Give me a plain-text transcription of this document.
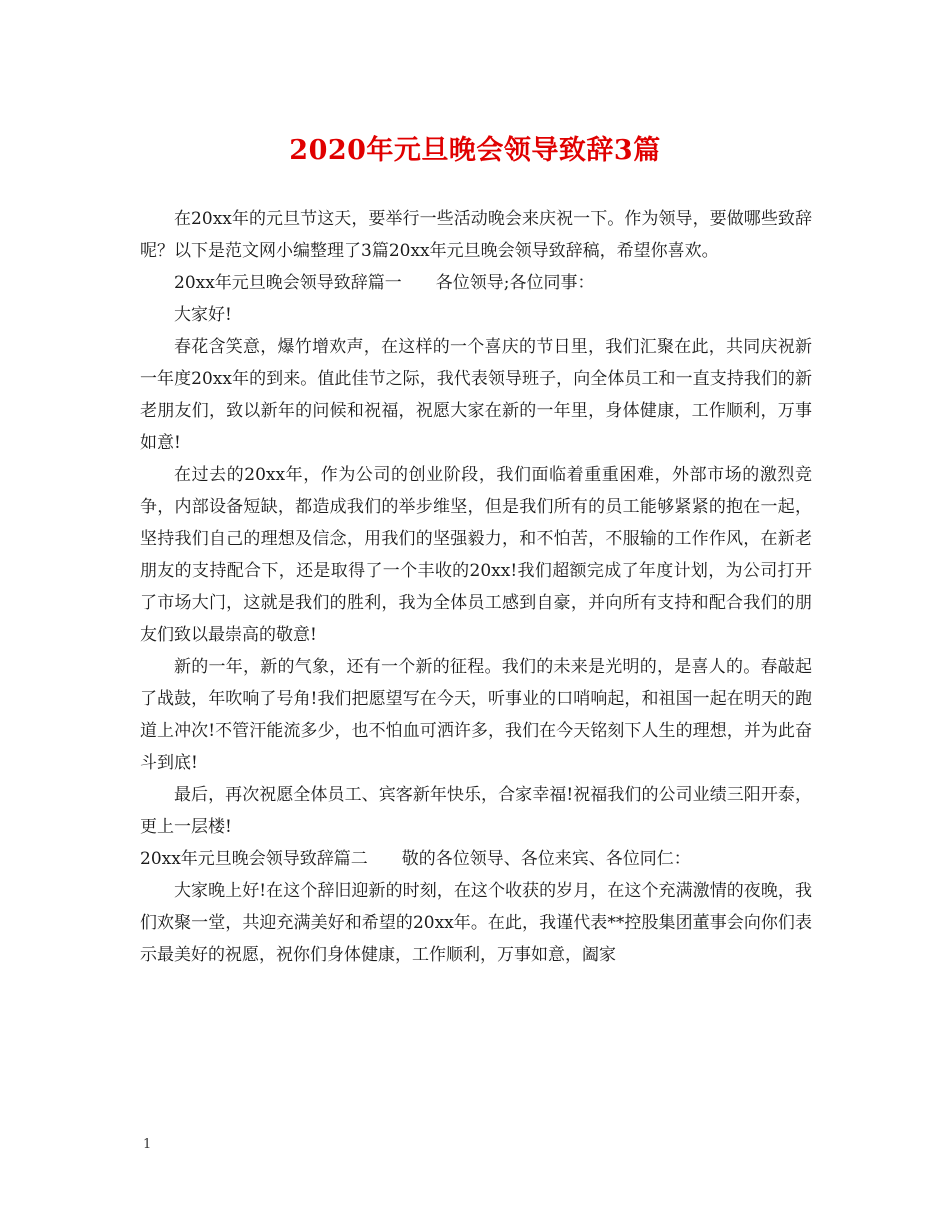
2020年元旦晚会领导致辞3篇

在20xx年的元旦节这天，要举行一些活动晚会来庆祝一下。作为领导，要做哪些致辞呢？以下是范文网小编整理了3篇20xx年元旦晚会领导致辞稿，希望你喜欢。

20xx年元旦晚会领导致辞篇一　　各位领导;各位同事：

大家好!

春花含笑意，爆竹增欢声，在这样的一个喜庆的节日里，我们汇聚在此，共同庆祝新一年度20xx年的到来。值此佳节之际，我代表领导班子，向全体员工和一直支持我们的新老朋友们，致以新年的问候和祝福，祝愿大家在新的一年里，身体健康，工作顺利，万事如意!

在过去的20xx年，作为公司的创业阶段，我们面临着重重困难，外部市场的激烈竞争，内部设备短缺，都造成我们的举步维坚，但是我们所有的员工能够紧紧的抱在一起，坚持我们自己的理想及信念，用我们的坚强毅力，和不怕苦，不服输的工作作风，在新老朋友的支持配合下，还是取得了一个丰收的20xx!我们超额完成了年度计划，为公司打开了市场大门，这就是我们的胜利，我为全体员工感到自豪，并向所有支持和配合我们的朋友们致以最崇高的敬意!

新的一年，新的气象，还有一个新的征程。我们的未来是光明的，是喜人的。春敲起了战鼓，年吹响了号角!我们把愿望写在今天，听事业的口哨响起，和祖国一起在明天的跑道上冲次!不管汗能流多少，也不怕血可洒许多，我们在今天铭刻下人生的理想，并为此奋斗到底!

最后，再次祝愿全体员工、宾客新年快乐，合家幸福!祝福我们的公司业绩三阳开泰，更上一层楼!

20xx年元旦晚会领导致辞篇二　　敬的各位领导、各位来宾、各位同仁：

大家晚上好!在这个辞旧迎新的时刻，在这个收获的岁月，在这个充满激情的夜晚，我们欢聚一堂，共迎充满美好和希望的20xx年。在此，我谨代表**控股集团董事会向你们表示最美好的祝愿，祝你们身体健康，工作顺利，万事如意，阖家

1
